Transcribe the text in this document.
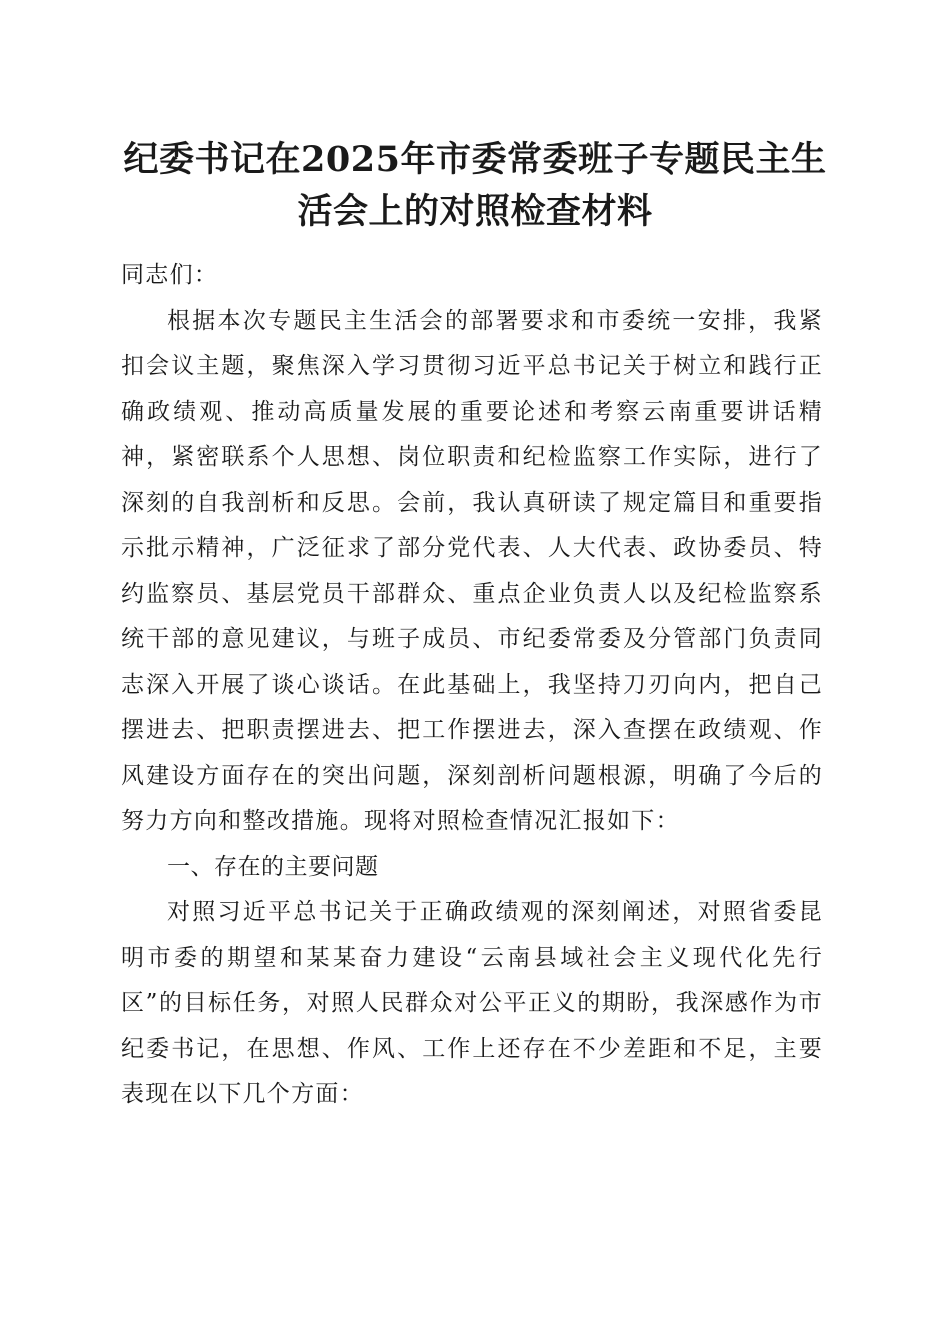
纪委书记在2025年市委常委班子专题民主生
活会上的对照检查材料

同志们：

根据本次专题民主生活会的部署要求和市委统一安排，我紧扣会议主题，聚焦深入学习贯彻习近平总书记关于树立和践行正确政绩观、推动高质量发展的重要论述和考察云南重要讲话精神，紧密联系个人思想、岗位职责和纪检监察工作实际，进行了深刻的自我剖析和反思。会前，我认真研读了规定篇目和重要指示批示精神，广泛征求了部分党代表、人大代表、政协委员、特约监察员、基层党员干部群众、重点企业负责人以及纪检监察系统干部的意见建议，与班子成员、市纪委常委及分管部门负责同志深入开展了谈心谈话。在此基础上，我坚持刀刃向内，把自己摆进去、把职责摆进去、把工作摆进去，深入查摆在政绩观、作风建设方面存在的突出问题，深刻剖析问题根源，明确了今后的努力方向和整改措施。现将对照检查情况汇报如下：

一、存在的主要问题

对照习近平总书记关于正确政绩观的深刻阐述，对照省委昆明市委的期望和某某奋力建设“云南县域社会主义现代化先行区”的目标任务，对照人民群众对公平正义的期盼，我深感作为市纪委书记，在思想、作风、工作上还存在不少差距和不足，主要表现在以下几个方面：
